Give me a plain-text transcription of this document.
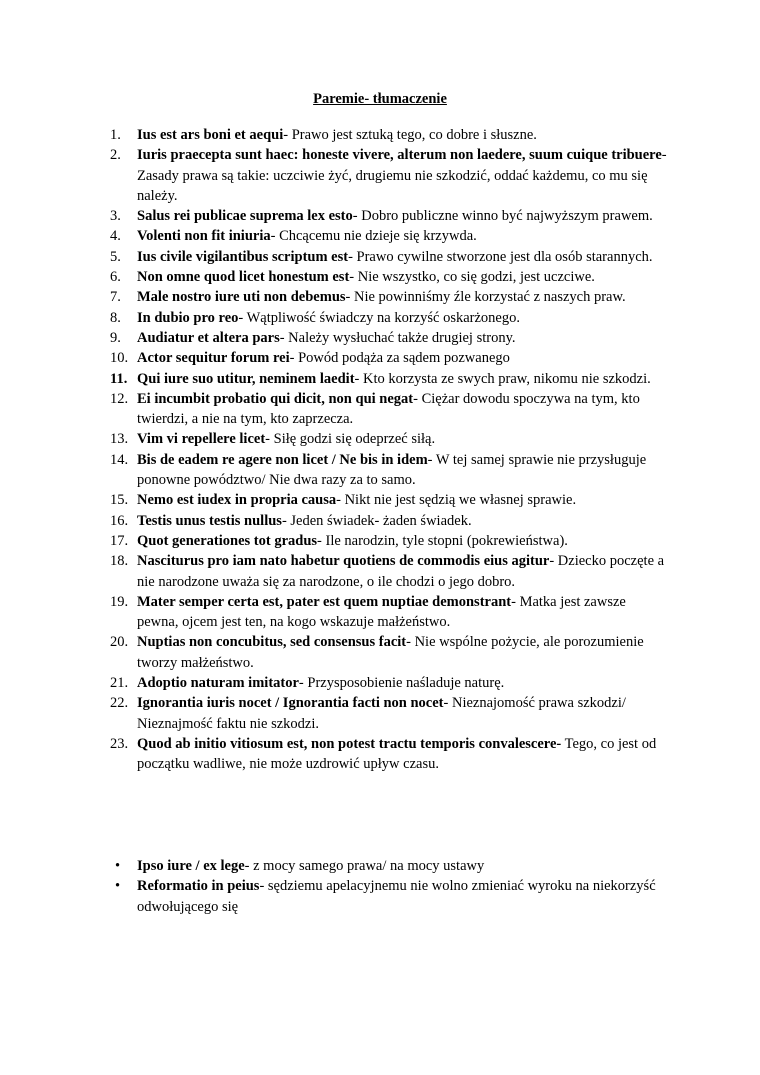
Paremie- tłumaczenie
1. Ius est ars boni et aequi- Prawo jest sztuką tego, co dobre i słuszne.
2. Iuris praecepta sunt haec: honeste vivere, alterum non laedere, suum cuique tribuere- Zasady prawa są takie: uczciwie żyć, drugiemu nie szkodzić, oddać każdemu, co mu się należy.
3. Salus rei publicae suprema lex esto- Dobro publiczne winno być najwyższym prawem.
4. Volenti non fit iniuria- Chcącemu nie dzieje się krzywda.
5. Ius civile vigilantibus scriptum est- Prawo cywilne stworzone jest dla osób starannych.
6. Non omne quod licet honestum est- Nie wszystko, co się godzi, jest uczciwe.
7. Male nostro iure uti non debemus- Nie powinniśmy źle korzystać z naszych praw.
8. In dubio pro reo- Wątpliwość świadczy na korzyść oskarżonego.
9. Audiatur et altera pars- Należy wysłuchać także drugiej strony.
10. Actor sequitur forum rei- Powód podąża za sądem pozwanego
11. Qui iure suo utitur, neminem laedit- Kto korzysta ze swych praw, nikomu nie szkodzi.
12. Ei incumbit probatio qui dicit, non qui negat- Ciężar dowodu spoczywa na tym, kto twierdzi, a nie na tym, kto zaprzecza.
13. Vim vi repellere licet- Siłę godzi się odeprzeć siłą.
14. Bis de eadem re agere non licet / Ne bis in idem- W tej samej sprawie nie przysługuje ponowne powództwo/ Nie dwa razy za to samo.
15. Nemo est iudex in propria causa- Nikt nie jest sędzią we własnej sprawie.
16. Testis unus testis nullus- Jeden świadek- żaden świadek.
17. Quot generationes tot gradus- Ile narodzin, tyle stopni (pokrewieństwa).
18. Nasciturus pro iam nato habetur quotiens de commodis eius agitur- Dziecko poczęte a nie narodzone uważa się za narodzone, o ile chodzi o jego dobro.
19. Mater semper certa est, pater est quem nuptiae demonstrant- Matka jest zawsze pewna, ojcem jest ten, na kogo wskazuje małżeństwo.
20. Nuptias non concubitus, sed consensus facit- Nie wspólne pożycie, ale porozumienie tworzy małżeństwo.
21. Adoptio naturam imitator- Przysposobienie naśladuje naturę.
22. Ignorantia iuris nocet / Ignorantia facti non nocet- Nieznajomość prawa szkodzi/ Nieznajmość faktu nie szkodzi.
23. Quod ab initio vitiosum est, non potest tractu temporis convalescere- Tego, co jest od początku wadliwe, nie może uzdrowić upływ czasu.
• Ipso iure / ex lege- z mocy samego prawa/ na mocy ustawy
• Reformatio in peius- sędziemu apelacyjnemu nie wolno zmieniać wyroku na niekorzyść odwołującego się
